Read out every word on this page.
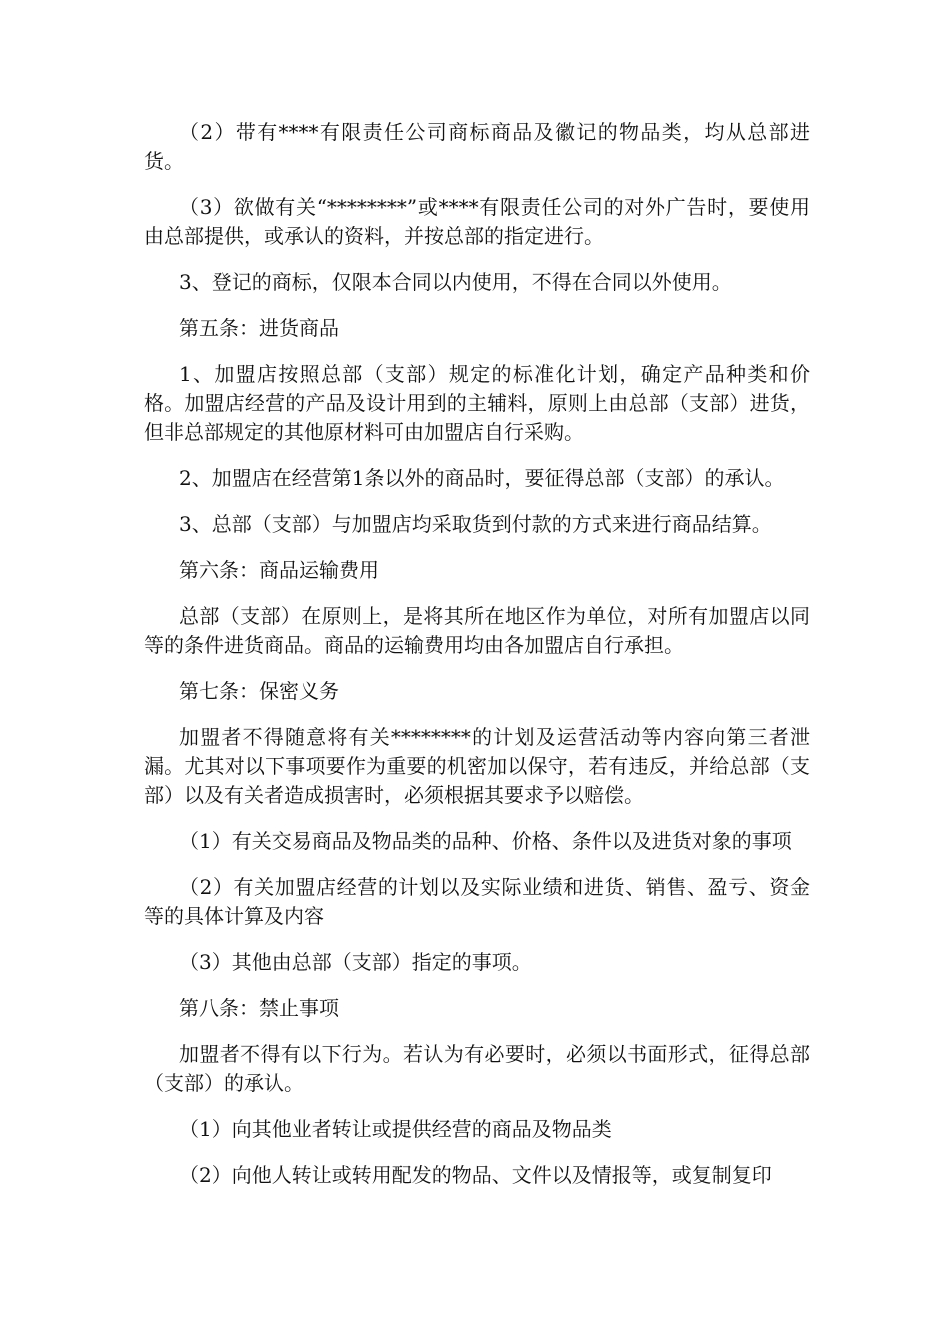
（2）带有****有限责任公司商标商品及徽记的物品类，均从总部进货。

（3）欲做有关“********”或****有限责任公司的对外广告时，要使用由总部提供，或承认的资料，并按总部的指定进行。

3、登记的商标，仅限本合同以内使用，不得在合同以外使用。

第五条：进货商品

1、加盟店按照总部（支部）规定的标准化计划，确定产品种类和价格。加盟店经营的产品及设计用到的主辅料，原则上由总部（支部）进货，但非总部规定的其他原材料可由加盟店自行采购。

2、加盟店在经营第1条以外的商品时，要征得总部（支部）的承认。

3、总部（支部）与加盟店均采取货到付款的方式来进行商品结算。

第六条：商品运输费用

总部（支部）在原则上，是将其所在地区作为单位，对所有加盟店以同等的条件进货商品。商品的运输费用均由各加盟店自行承担。

第七条：保密义务

加盟者不得随意将有关********的计划及运营活动等内容向第三者泄漏。尤其对以下事项要作为重要的机密加以保守，若有违反，并给总部（支部）以及有关者造成损害时，必须根据其要求予以赔偿。

（1）有关交易商品及物品类的品种、价格、条件以及进货对象的事项

（2）有关加盟店经营的计划以及实际业绩和进货、销售、盈亏、资金等的具体计算及内容

（3）其他由总部（支部）指定的事项。

第八条：禁止事项

加盟者不得有以下行为。若认为有必要时，必须以书面形式，征得总部（支部）的承认。

（1）向其他业者转让或提供经营的商品及物品类

（2）向他人转让或转用配发的物品、文件以及情报等，或复制复印
